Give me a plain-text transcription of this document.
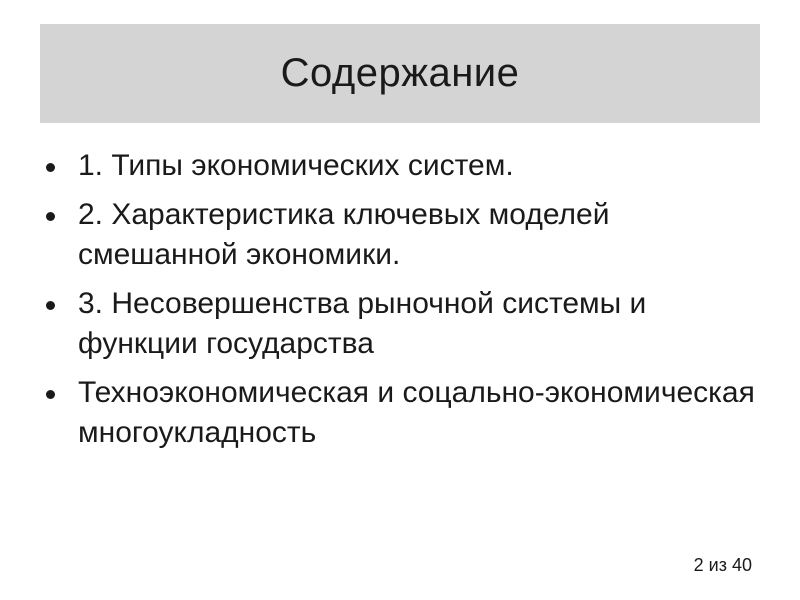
Содержание
1. Типы экономических систем.
2. Характеристика ключевых моделей смешанной экономики.
3. Несовершенства рыночной системы и функции государства
Техноэкономическая и соцально-экономическая многоукладность
2 из 40
